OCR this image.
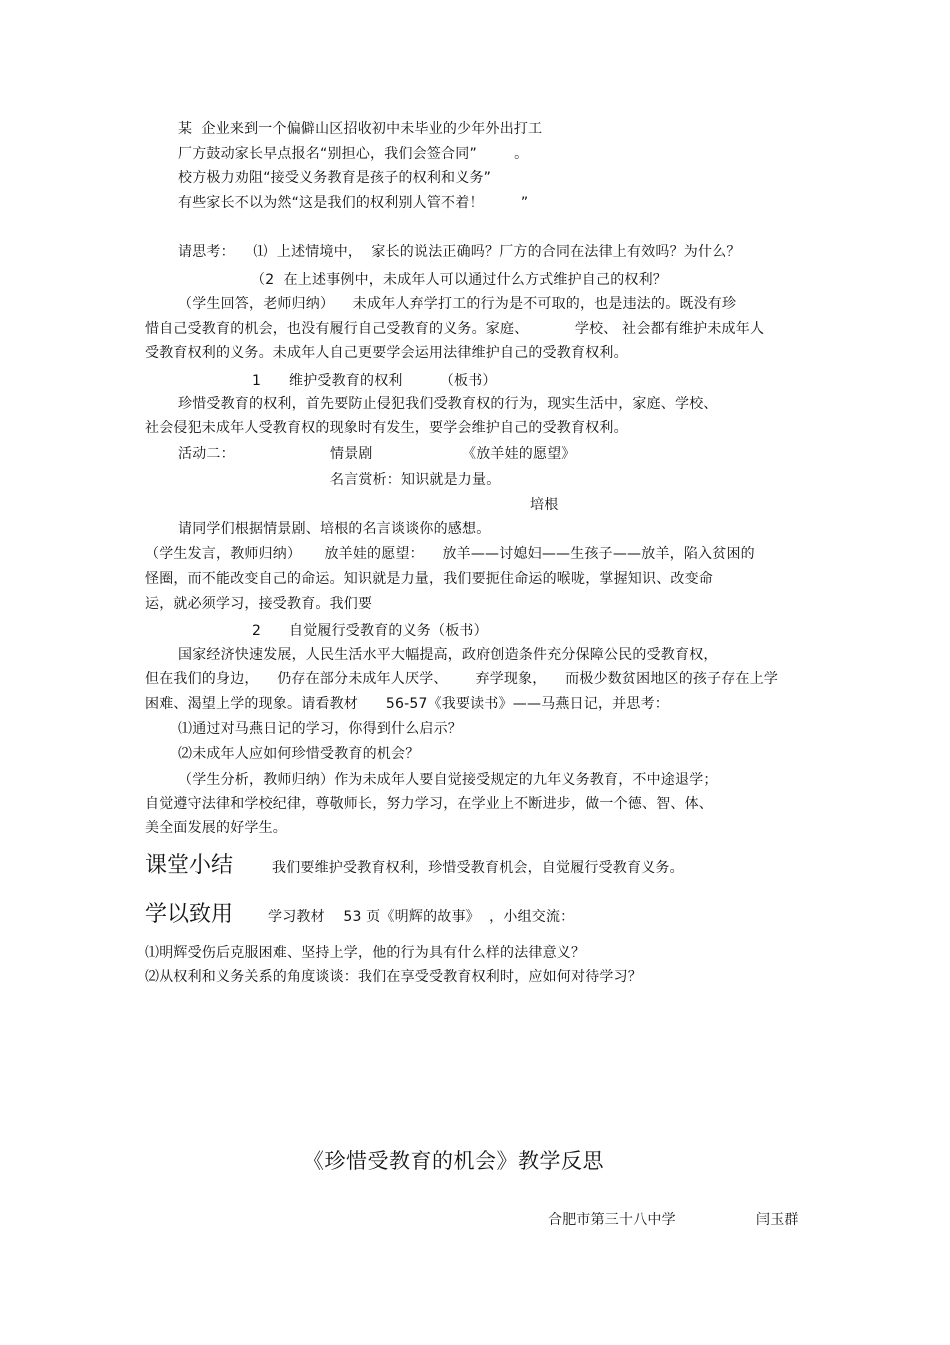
某  企业来到一个偏僻山区招收初中未毕业的少年外出打工
厂方鼓动家长早点报名“别担心，我们会签合同”        。
校方极力劝阻“接受义务教育是孩子的权利和义务”
有些家长不以为然“这是我们的权利别人管不着！        ”
请思考：    ⑴  上述情境中，  家长的说法正确吗？厂方的合同在法律上有效吗？为什么？
（2  在上述事例中，未成年人可以通过什么方式维护自己的权利？
（学生回答，老师归纳）    未成年人弃学打工的行为是不可取的，也是违法的。既没有珍
惜自己受教育的机会，也没有履行自己受教育的义务。家庭、          学校、 社会都有维护未成年人
受教育权利的义务。未成年人自己更要学会运用法律维护自己的受教育权利。
1      维护受教育的权利        （板书）
珍惜受教育的权利，首先要防止侵犯我们受教育权的行为，现实生活中，家庭、学校、
社会侵犯未成年人受教育权的现象时有发生，要学会维护自己的受教育权利。
活动二：	情景剧	《放羊娃的愿望》
名言赏析：知识就是力量。
培根
请同学们根据情景剧、培根的名言谈谈你的感想。
（学生发言，教师归纳）     放羊娃的愿望：    放羊——讨媳妇——生孩子——放羊，陷入贫困的
怪圈，而不能改变自己的命运。知识就是力量，我们要扼住命运的喉咙，掌握知识、改变命
运，就必须学习，接受教育。我们要
2      自觉履行受教育的义务（板书）
国家经济快速发展，人民生活水平大幅提高，政府创造条件充分保障公民的受教育权，
但在我们的身边，    仍存在部分未成年人厌学、      弃学现象，    而极少数贫困地区的孩子存在上学
困难、渴望上学的现象。请看教材      56-57《我要读书》——马燕日记，并思考：
⑴通过对马燕日记的学习，你得到什么启示？
⑵未成年人应如何珍惜受教育的机会？
（学生分析，教师归纳）作为未成年人要自觉接受规定的九年义务教育，不中途退学；
自觉遵守法律和学校纪律，尊敬师长，努力学习，在学业上不断进步，做一个德、智、体、
美全面发展的好学生。
课堂小结	我们要维护受教育权利，珍惜受教育机会，自觉履行受教育义务。
学以致用 学习教材    53 页《明辉的故事》  ，小组交流：
⑴明辉受伤后克服困难、坚持上学，他的行为具有什么样的法律意义？
⑵从权利和义务关系的角度谈谈：我们在享受受教育权利时，应如何对待学习？
《珍惜受教育的机会》教学反思
合肥市第三十八中学	闫玉群
